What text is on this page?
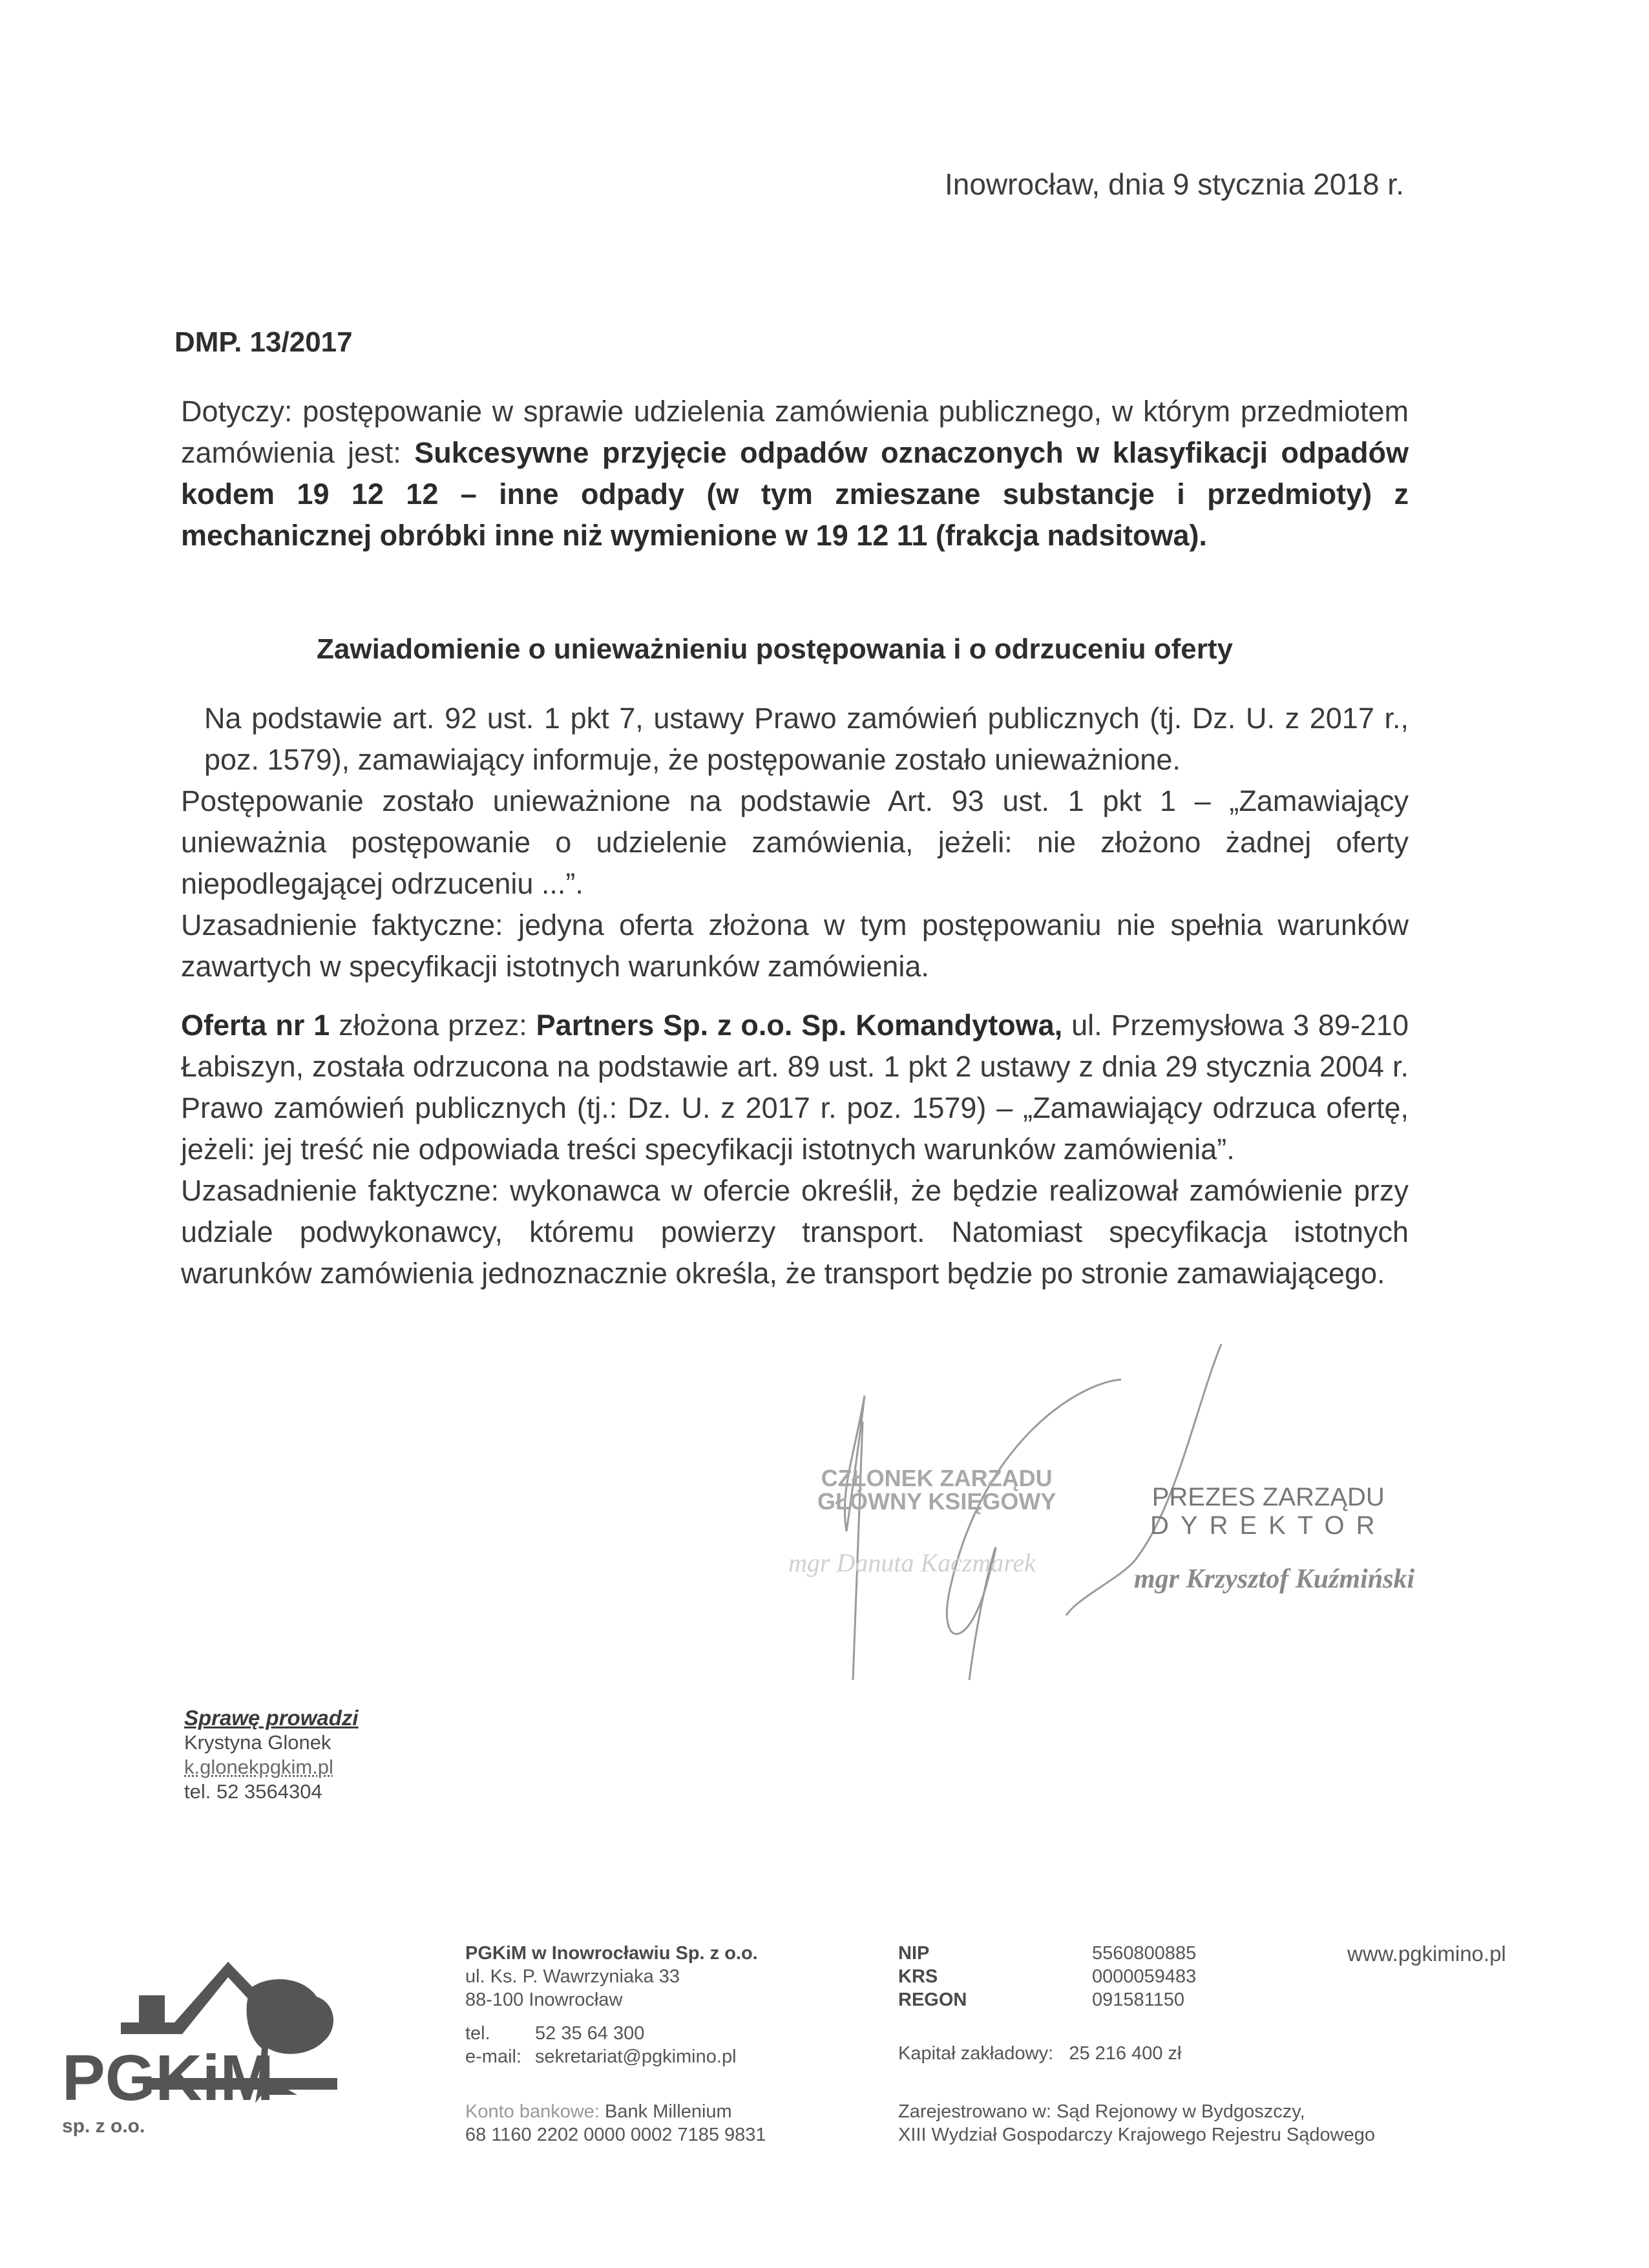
Inowrocław, dnia 9 stycznia 2018 r.
DMP. 13/2017
Dotyczy: postępowanie w sprawie udzielenia zamówienia publicznego, w którym przedmiotem zamówienia jest: Sukcesywne przyjęcie odpadów oznaczonych w klasyfikacji odpadów kodem 19 12 12 – inne odpady (w tym zmieszane substancje i przedmioty) z mechanicznej obróbki inne niż wymienione w 19 12 11 (frakcja nadsitowa).
Zawiadomienie o unieważnieniu postępowania i o odrzuceniu oferty
Na podstawie art. 92 ust. 1 pkt 7, ustawy Prawo zamówień publicznych (tj. Dz. U. z 2017 r., poz. 1579), zamawiający informuje, że postępowanie zostało unieważnione.
Postępowanie zostało unieważnione na podstawie Art. 93 ust. 1 pkt 1 – „Zamawiający unieważnia postępowanie o udzielenie zamówienia, jeżeli: nie złożono żadnej oferty niepodlegającej odrzuceniu ...”.
Uzasadnienie faktyczne: jedyna oferta złożona w tym postępowaniu nie spełnia warunków zawartych w specyfikacji istotnych warunków zamówienia.
Oferta nr 1 złożona przez: Partners Sp. z o.o. Sp. Komandytowa, ul. Przemysłowa 3 89-210 Łabiszyn, została odrzucona na podstawie art. 89 ust. 1 pkt 2 ustawy z dnia 29 stycznia 2004 r. Prawo zamówień publicznych (tj.: Dz. U. z 2017 r. poz. 1579) – „Zamawiający odrzuca ofertę, jeżeli: jej treść nie odpowiada treści specyfikacji istotnych warunków zamówienia”.
Uzasadnienie faktyczne: wykonawca w ofercie określił, że będzie realizował zamówienie przy udziale podwykonawcy, któremu powierzy transport. Natomiast specyfikacja istotnych warunków zamówienia jednoznacznie określa, że transport będzie po stronie zamawiającego.
CZŁONEK ZARZĄDU
GŁÓWNY KSIĘGOWY
mgr Danuta Kaczmarek
PREZES ZARZĄDU
DYREKTOR
mgr Krzysztof Kuźmiński
Sprawę prowadzi
Krystyna Glonek
k.glonekpgkim.pl
tel. 52 3564304
PGKiM
sp. z o.o.
PGKiM w Inowrocławiu Sp. z o.o.
ul. Ks. P. Wawrzyniaka 33
88-100 Inowrocław
tel.	52 35 64 300
e-mail: sekretariat@pgkimino.pl
Konto bankowe: Bank Millenium
68 1160 2202 0000 0002 7185 9831
NIP	5560800885
KRS	0000059483
REGON	091581150
Kapitał zakładowy: 25 216 400 zł
Zarejestrowano w: Sąd Rejonowy w Bydgoszczy,
XIII Wydział Gospodarczy Krajowego Rejestru Sądowego
www.pgkimino.pl
